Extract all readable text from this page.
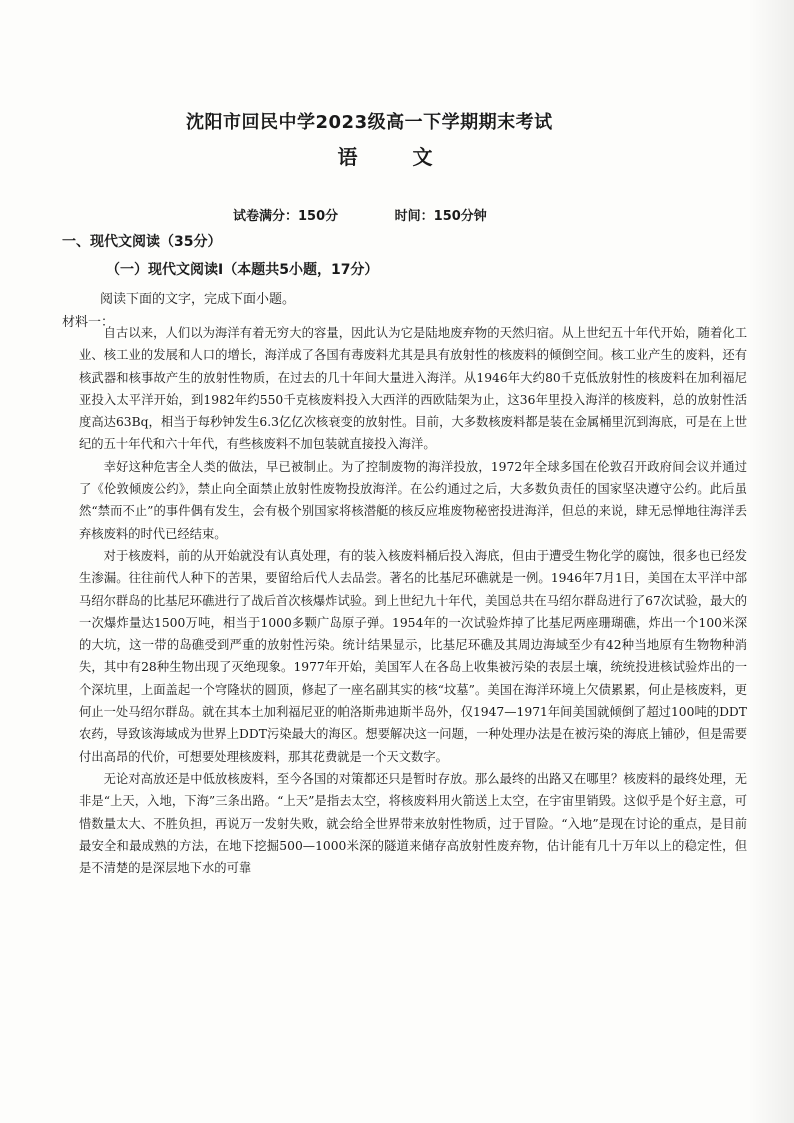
沈阳市回民中学2023级高一下学期期末考试
语 文
试卷满分：150分	时间：150分钟
一、现代文阅读（35分）
（一）现代文阅读Ⅰ（本题共5小题，17分）
阅读下面的文字，完成下面小题。
材料一：

自古以来，人们以为海洋有着无穷大的容量，因此认为它是陆地废弃物的天然归宿。从上世纪五十年代开始，随着化工业、核工业的发展和人口的增长，海洋成了各国有毒废料尤其是具有放射性的核废料的倾倒空间。核工业产生的废料，还有核武器和核事故产生的放射性物质，在过去的几十年间大量进入海洋。从1946年大约80千克低放射性的核废料在加利福尼亚投入太平洋开始，到1982年约550千克核废料投入大西洋的西欧陆架为止，这36年里投入海洋的核废料，总的放射性活度高达63Bq，相当于每秒钟发生6.3亿亿次核衰变的放射性。目前，大多数核废料都是装在金属桶里沉到海底，可是在上世纪的五十年代和六十年代，有些核废料不加包装就直接投入海洋。

幸好这种危害全人类的做法，早已被制止。为了控制废物的海洋投放，1972年全球多国在伦敦召开政府间会议并通过了《伦敦倾废公约》，禁止向全面禁止放射性废物投放海洋。在公约通过之后，大多数负责任的国家坚决遵守公约。此后虽然“禁而不止”的事件偶有发生，会有极个别国家将核潜艇的核反应堆废物秘密投进海洋，但总的来说，肆无忌惮地往海洋丢弃核废料的时代已经结束。

对于核废料，前的从开始就没有认真处理，有的装入核废料桶后投入海底，但由于遭受生物化学的腐蚀，很多也已经发生渗漏。往往前代人种下的苦果，要留给后代人去品尝。著名的比基尼环礁就是一例。1946年7月1日，美国在太平洋中部马绍尔群岛的比基尼环礁进行了战后首次核爆炸试验。到上世纪九十年代，美国总共在马绍尔群岛进行了67次试验，最大的一次爆炸量达1500万吨，相当于1000多颗广岛原子弹。1954年的一次试验炸掉了比基尼两座珊瑚礁，炸出一个100米深的大坑，这一带的岛礁受到严重的放射性污染。统计结果显示，比基尼环礁及其周边海域至少有42种当地原有生物物种消失，其中有28种生物出现了灭绝现象。1977年开始，美国军人在各岛上收集被污染的表层土壤，统统投进核试验炸出的一个深坑里，上面盖起一个穹隆状的圆顶，修起了一座名副其实的核“坟墓”。美国在海洋环境上欠债累累，何止是核废料，更何止一处马绍尔群岛。就在其本土加利福尼亚的帕洛斯弗迪斯半岛外，仅1947—1971年间美国就倾倒了超过100吨的DDT农药，导致该海域成为世界上DDT污染最大的海区。想要解决这一问题，一种处理办法是在被污染的海底上铺砂，但是需要付出高昂的代价，可想要处理核废料，那其花费就是一个天文数字。

无论对高放还是中低放核废料，至今各国的对策都还只是暂时存放。那么最终的出路又在哪里？核废料的最终处理，无非是“上天，入地，下海”三条出路。“上天”是指去太空，将核废料用火箭送上太空，在宇宙里销毁。这似乎是个好主意，可惜数量太大、不胜负担，再说万一发射失败，就会给全世界带来放射性物质，过于冒险。“入地”是现在讨论的重点，是目前最安全和最成熟的方法，在地下挖掘500—1000米深的隧道来储存高放射性废弃物，估计能有几十万年以上的稳定性，但是不清楚的是深层地下水的可靠
